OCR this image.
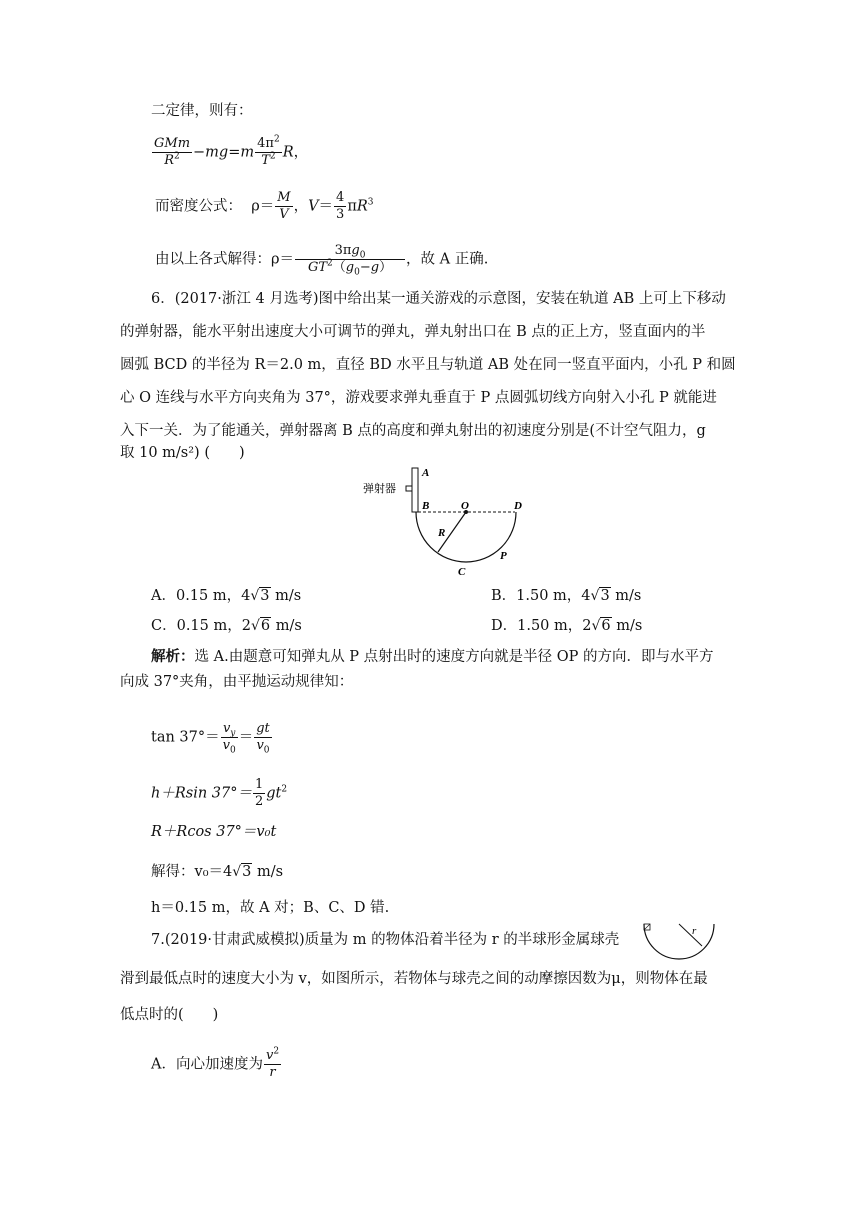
二定律，则有：
$\frac{\text{GMm}}{R^2} -mg=m \frac{4\pi^2}{T^2}$ R，
而密度公式：  $\rho= \frac{M}{V}$ ，$V= \frac{4}{3} \pi R^3$
由以上各式解得：$\rho= \frac{3\pi g_0}{GT^2(g_0-g)}$ ，故 A 正确.
6．(2017·浙江 4 月选考)图中给出某一通关游戏的示意图，安装在轨道 AB 上可上下移动
的弹射器，能水平射出速度大小可调节的弹丸，弹丸射出口在 B 点的正上方，竖直面内的半
圆弧 BCD 的半径为 R＝2.0 m，直径 BD 水平且与轨道 AB 处在同一竖直平面内，小孔 P 和圆
心 O 连线与水平方向夹角为 37°，游戏要求弹丸垂直于 P 点圆弧切线方向射入小孔 P 就能进
入下一关．为了能通关，弹射器离 B 点的高度和弹丸射出的初速度分别是(不计空气阻力，g
取 10 m/s²) (　　)
弹射器
A
B	O	D
R
P
C
A．0.15 m，4√3 m/s	B．1.50 m，4√3 m/s
C．0.15 m，2√6 m/s	D．1.50 m，2√6 m/s
解析：选 A.由题意可知弹丸从 P 点射出时的速度方向就是半径 OP 的方向．即与水平方
向成 37°夹角，由平抛运动规律知：
$\tan 37^\circ= \frac{v_y}{v_0} = \frac{gt}{v_0}$
h＋Rsin $37^\circ= \frac{1}{2} gt^2$
R＋Rcos 37°＝v₀t
解得：v₀＝4√3 m/s
h＝0.15 m，故 A 对；B、C、D 错.
7.(2019·甘肃武威模拟)质量为 m 的物体沿着半径为 r 的半球形金属球壳
r
滑到最低点时的速度大小为 v，如图所示，若物体与球壳之间的动摩擦因数为μ，则物体在最
低点时的(　　)
A．向心加速度为 $\frac{v^2}{r}$
